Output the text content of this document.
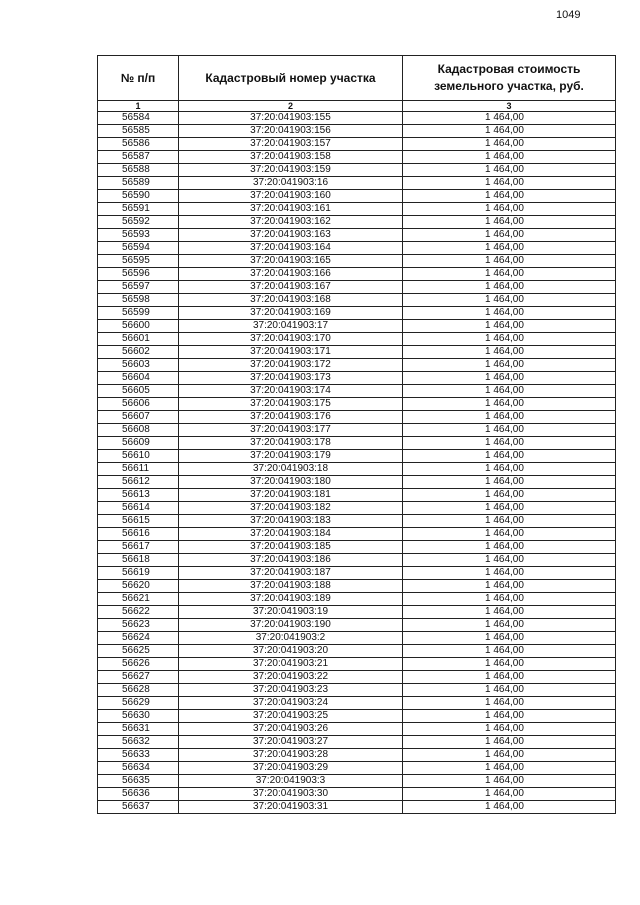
1049
№ п/п	Кадастровый номер участка	Кадастровая стоимость земельного участка, руб.
1	2	3
56584	37:20:041903:155	1 464,00
56585	37:20:041903:156	1 464,00
56586	37:20:041903:157	1 464,00
56587	37:20:041903:158	1 464,00
56588	37:20:041903:159	1 464,00
56589	37:20:041903:16	1 464,00
56590	37:20:041903:160	1 464,00
56591	37:20:041903:161	1 464,00
56592	37:20:041903:162	1 464,00
56593	37:20:041903:163	1 464,00
56594	37:20:041903:164	1 464,00
56595	37:20:041903:165	1 464,00
56596	37:20:041903:166	1 464,00
56597	37:20:041903:167	1 464,00
56598	37:20:041903:168	1 464,00
56599	37:20:041903:169	1 464,00
56600	37:20:041903:17	1 464,00
56601	37:20:041903:170	1 464,00
56602	37:20:041903:171	1 464,00
56603	37:20:041903:172	1 464,00
56604	37:20:041903:173	1 464,00
56605	37:20:041903:174	1 464,00
56606	37:20:041903:175	1 464,00
56607	37:20:041903:176	1 464,00
56608	37:20:041903:177	1 464,00
56609	37:20:041903:178	1 464,00
56610	37:20:041903:179	1 464,00
56611	37:20:041903:18	1 464,00
56612	37:20:041903:180	1 464,00
56613	37:20:041903:181	1 464,00
56614	37:20:041903:182	1 464,00
56615	37:20:041903:183	1 464,00
56616	37:20:041903:184	1 464,00
56617	37:20:041903:185	1 464,00
56618	37:20:041903:186	1 464,00
56619	37:20:041903:187	1 464,00
56620	37:20:041903:188	1 464,00
56621	37:20:041903:189	1 464,00
56622	37:20:041903:19	1 464,00
56623	37:20:041903:190	1 464,00
56624	37:20:041903:2	1 464,00
56625	37:20:041903:20	1 464,00
56626	37:20:041903:21	1 464,00
56627	37:20:041903:22	1 464,00
56628	37:20:041903:23	1 464,00
56629	37:20:041903:24	1 464,00
56630	37:20:041903:25	1 464,00
56631	37:20:041903:26	1 464,00
56632	37:20:041903:27	1 464,00
56633	37:20:041903:28	1 464,00
56634	37:20:041903:29	1 464,00
56635	37:20:041903:3	1 464,00
56636	37:20:041903:30	1 464,00
56637	37:20:041903:31	1 464,00
